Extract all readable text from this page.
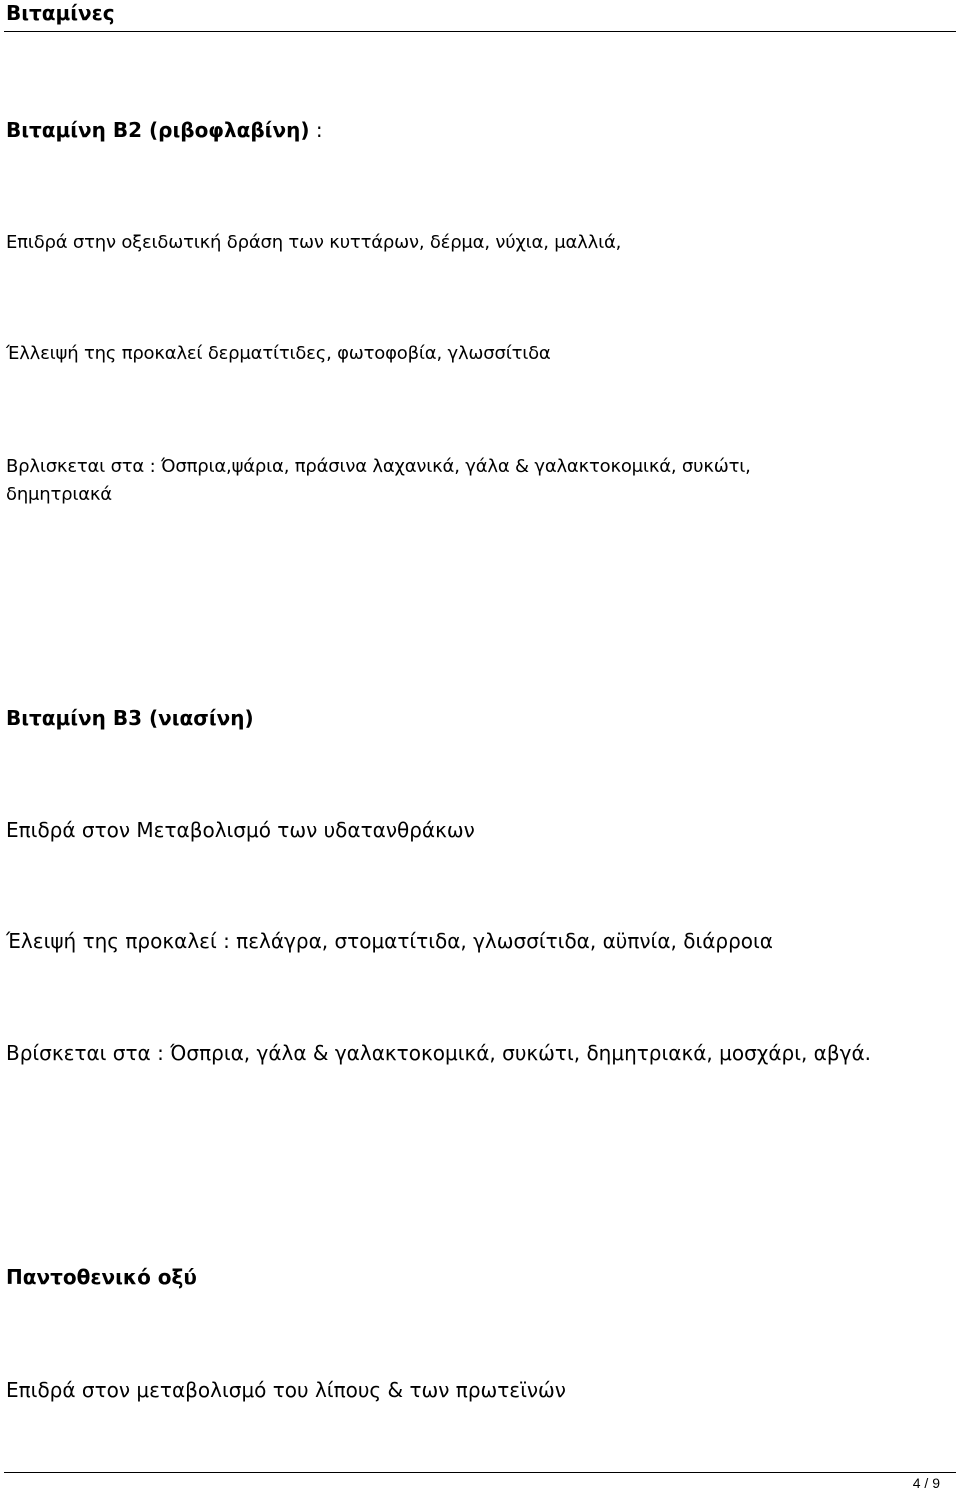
Βιταμίνες
Βιταμίνη Β2 (ριβοφλαβίνη) :
Επιδρά στην οξειδωτική δράση των κυττάρων, δέρμα, νύχια, μαλλιά,
Έλλειψή της προκαλεί δερματίτιδες, φωτοφοβία, γλωσσίτιδα
Βρλισκεται στα : Όσπρια,ψάρια, πράσινα λαχανικά, γάλα & γαλακτοκομικά, συκώτι,
δημητριακά
Βιταμίνη Β3 (νιασίνη)
Επιδρά στον Μεταβολισμό των υδατανθράκων
Έλειψή της προκαλεί : πελάγρα, στοματίτιδα, γλωσσίτιδα, αϋπνία, διάρροια
Βρίσκεται στα : Όσπρια, γάλα & γαλακτοκομικά, συκώτι, δημητριακά, μοσχάρι, αβγά.
Παντοθενικό οξύ
Επιδρά στον μεταβολισμό του λίπους & των πρωτεϊνών
4 / 9
